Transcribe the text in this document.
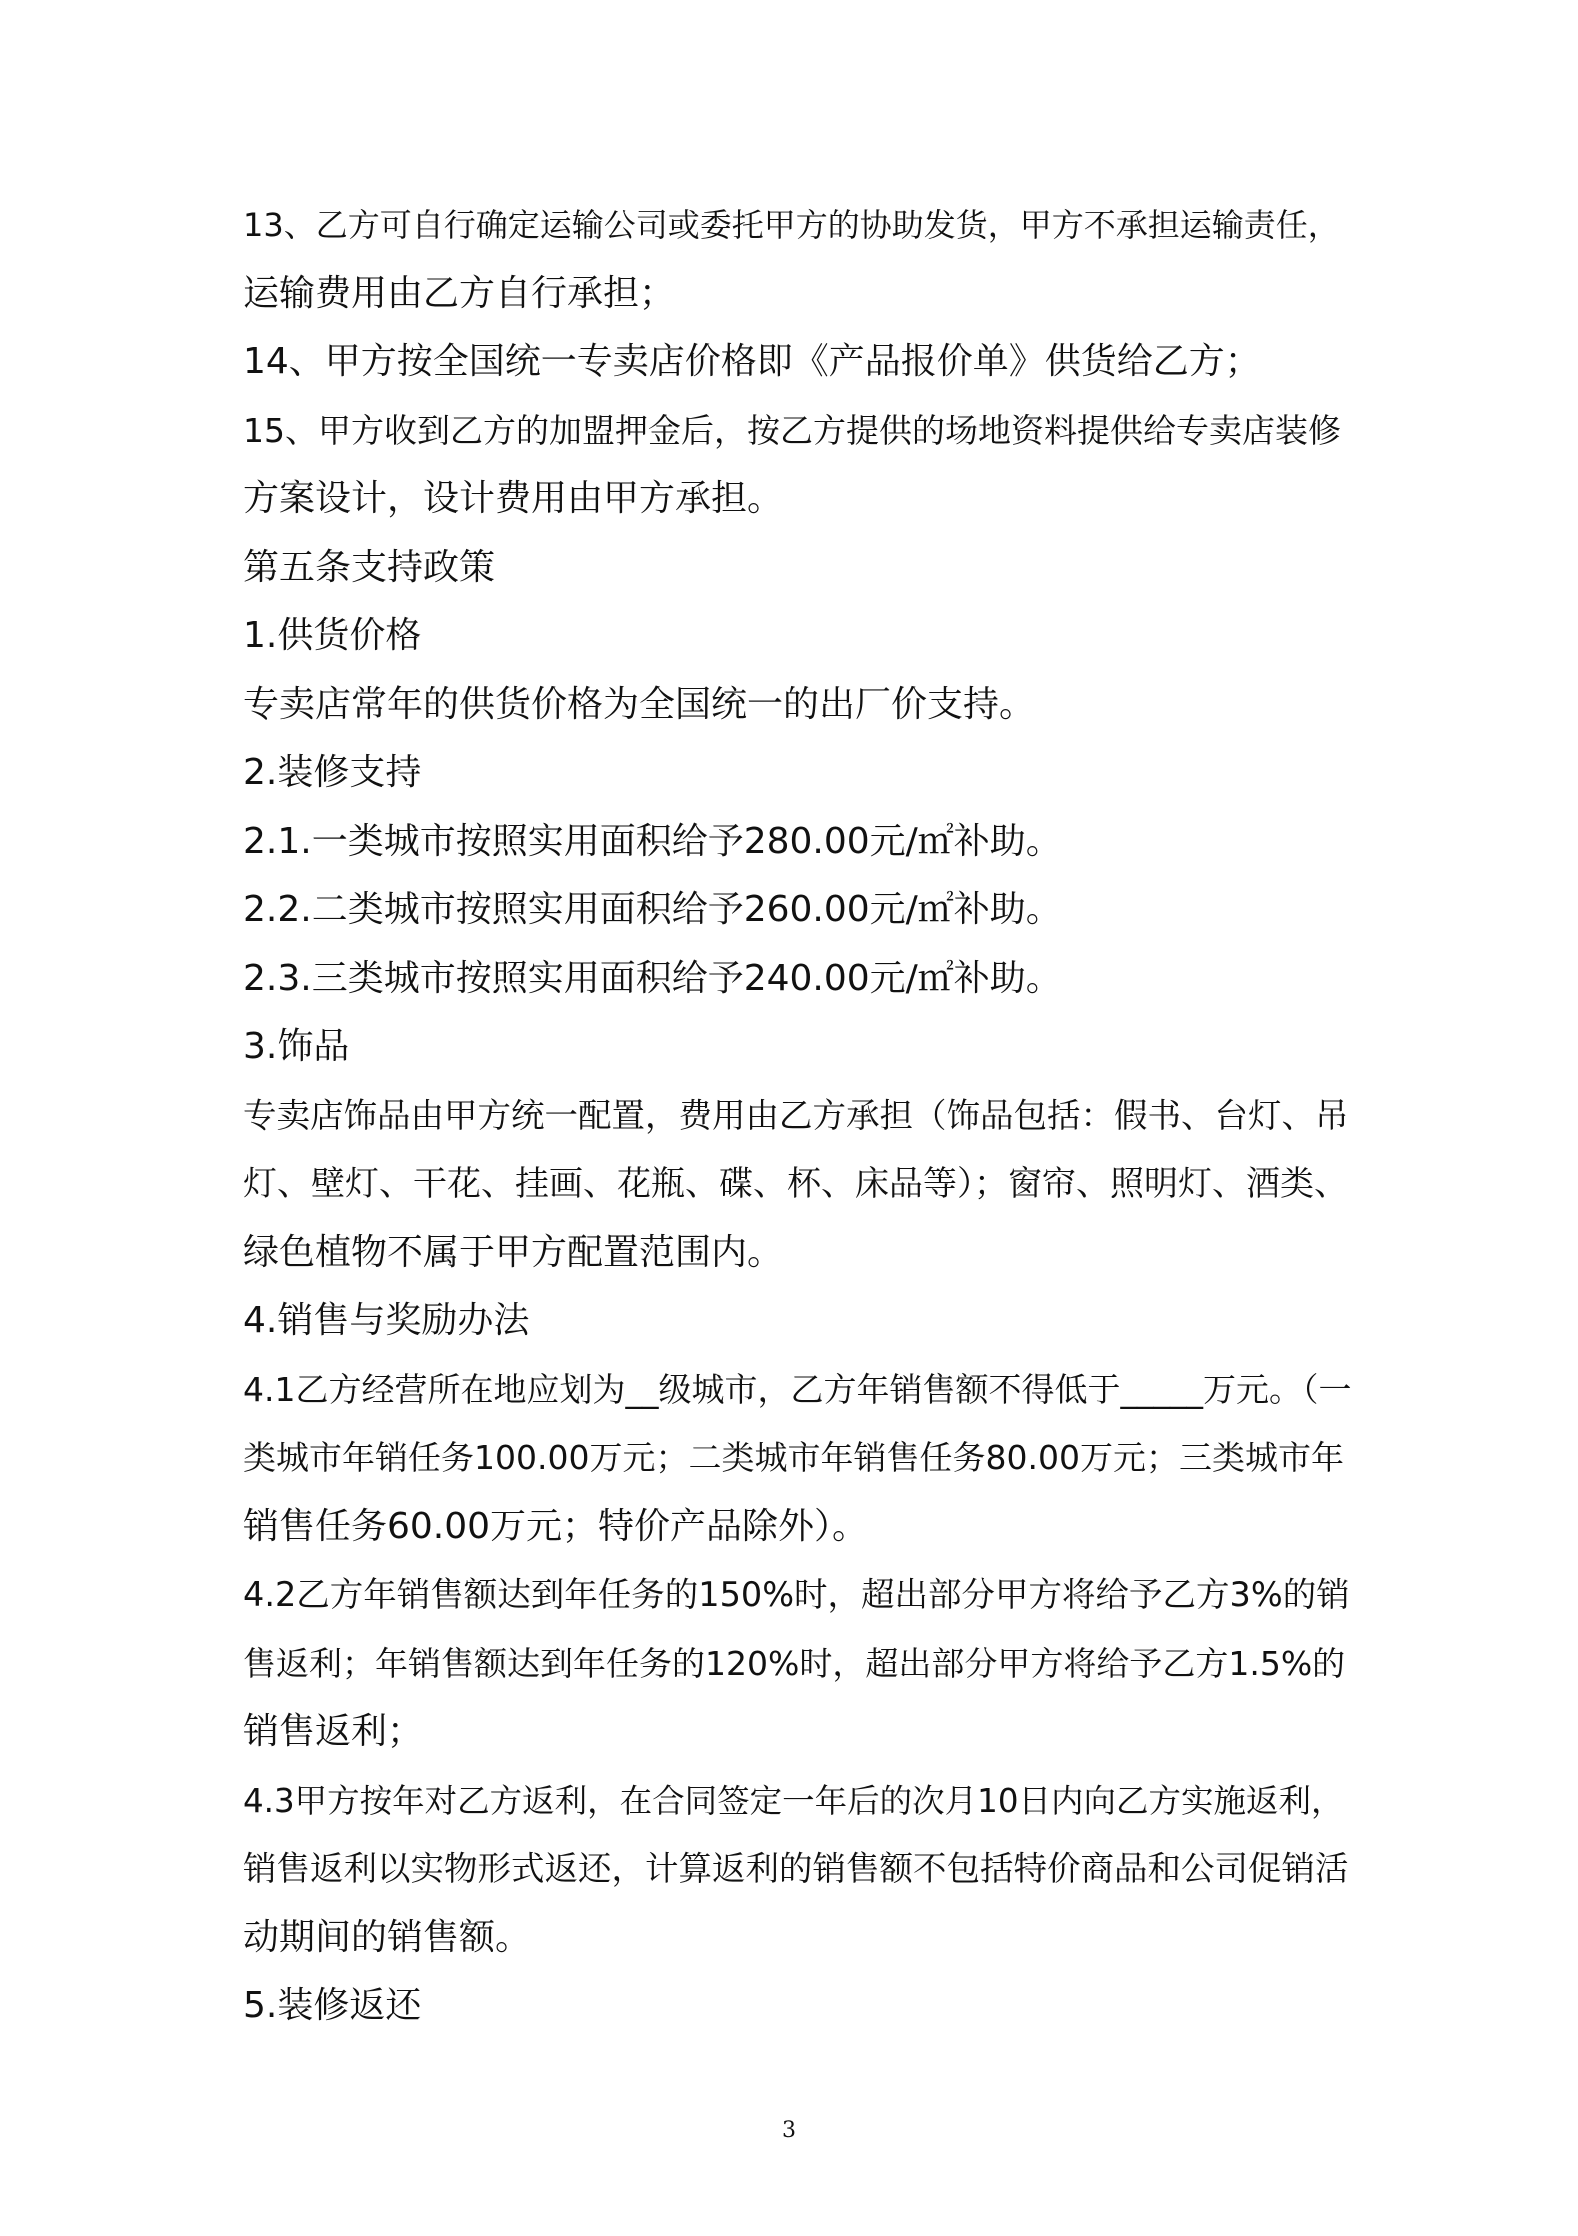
13、乙方可自行确定运输公司或委托甲方的协助发货，甲方不承担运输责任，

运输费用由乙方自行承担；

14、甲方按全国统一专卖店价格即《产品报价单》供货给乙方；

15、甲方收到乙方的加盟押金后，按乙方提供的场地资料提供给专卖店装修

方案设计，设计费用由甲方承担。

第五条支持政策

1.供货价格

专卖店常年的供货价格为全国统一的出厂价支持。

2.装修支持

2.1.一类城市按照实用面积给予280.00元/㎡补助。

2.2.二类城市按照实用面积给予260.00元/㎡补助。

2.3.三类城市按照实用面积给予240.00元/㎡补助。

3.饰品

专卖店饰品由甲方统一配置，费用由乙方承担（饰品包括：假书、台灯、吊

灯、壁灯、干花、挂画、花瓶、碟、杯、床品等）；窗帘、照明灯、酒类、

绿色植物不属于甲方配置范围内。

4.销售与奖励办法

4.1乙方经营所在地应划为__级城市，乙方年销售额不得低于_____万元。（一

类城市年销任务100.00万元；二类城市年销售任务80.00万元；三类城市年

销售任务60.00万元；特价产品除外）。

4.2乙方年销售额达到年任务的150%时，超出部分甲方将给予乙方3%的销

售返利；年销售额达到年任务的120%时，超出部分甲方将给予乙方1.5%的

销售返利；

4.3甲方按年对乙方返利，在合同签定一年后的次月10日内向乙方实施返利，

销售返利以实物形式返还，计算返利的销售额不包括特价商品和公司促销活

动期间的销售额。

5.装修返还

3
